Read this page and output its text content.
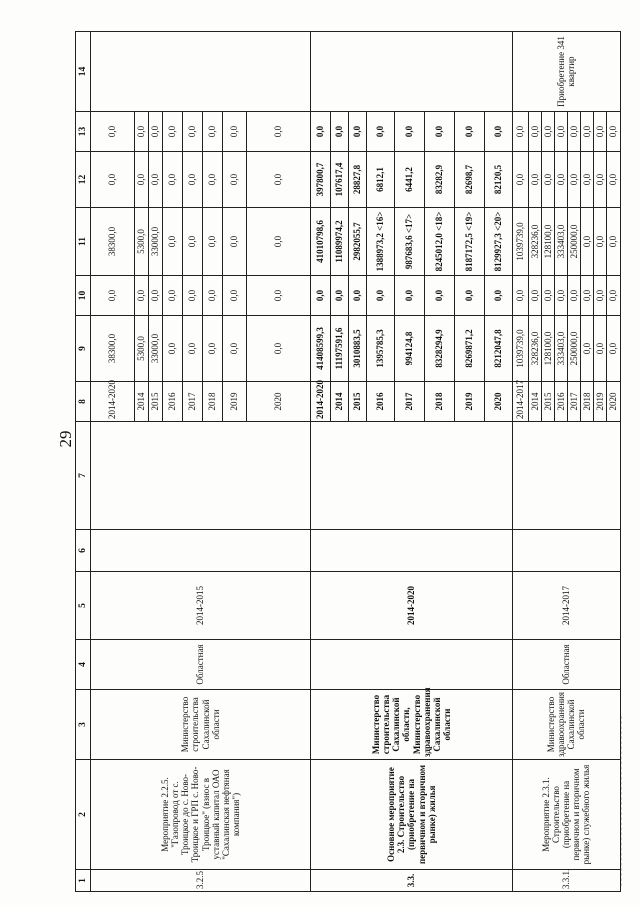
29
1	2	3	4	5	6	7	8	9	10	11	12	13	14
3.2.5	Мероприятие 2.2.5. "Газопровод от с. Троицкое до с. Ново-Троицкое и ГРП с. Ново-Троицкое" (взнос в уставный капитал ОАО "Сахалинская нефтяная компания")	Министерство строительства Сахалинской области	Областная	2014-2015			2014-2020	38300,0	0,0	38300,0	0,0	0,0	
							2014	5300,0	0,0	5300,0	0,0	0,0	
							2015	33000,0	0,0	33000,0	0,0	0,0	
							2016	0,0	0,0	0,0	0,0	0,0	
							2017	0,0	0,0	0,0	0,0	0,0	
							2018	0,0	0,0	0,0	0,0	0,0	
							2019	0,0	0,0	0,0	0,0	0,0	
							2020	0,0	0,0	0,0	0,0	0,0	
3.3.	Основное мероприятие 2.3. Строительство (приобретение на первичном и вторичном рынке) жилья	Министерство строительства Сахалинской области, Министерство здравоохранения Сахалинской области		2014-2020			2014-2020	41408599,3	0,0	41010798,6	397800,7	0,0	
							2014	11197591,6	0,0	11089974,2	107617,4	0,0	
							2015	3010883,5	0,0	2982055,7	28827,8	0,0	
							2016	1395785,3	0,0	1388973,2 <16>	6812,1	0,0	
							2017	994124,8	0,0	987683,6 <17>	6441,2	0,0	
							2018	8328294,9	0,0	8245012,0 <18>	83282,9	0,0	
							2019	8269871,2	0,0	8187172,5 <19>	82698,7	0,0	
							2020	8212047,8	0,0	8129927,3 <20>	82120,5	0,0	
3.3.1.	Мероприятие 2.3.1. Строительство (приобретение на первичном и вторичном рынке) служебного жилья	Министерство здравоохранения Сахалинской области	Областная	2014-2017			2014-2017	1039739,0	0,0	1039739,0	0,0	0,0	Приобретение 341 квартир
							2014	328236,0	0,0	328236,0	0,0	0,0	
							2015	128100,0	0,0	128100,0	0,0	0,0	
							2016	333403,0	0,0	333403,0	0,0	0,0	
							2017	250000,0	0,0	250000,0	0,0	0,0	
							2018	0,0	0,0	0,0	0,0	0,0	
							2019	0,0	0,0	0,0	0,0	0,0	
							2020	0,0	0,0	0,0	0,0	0,0	
